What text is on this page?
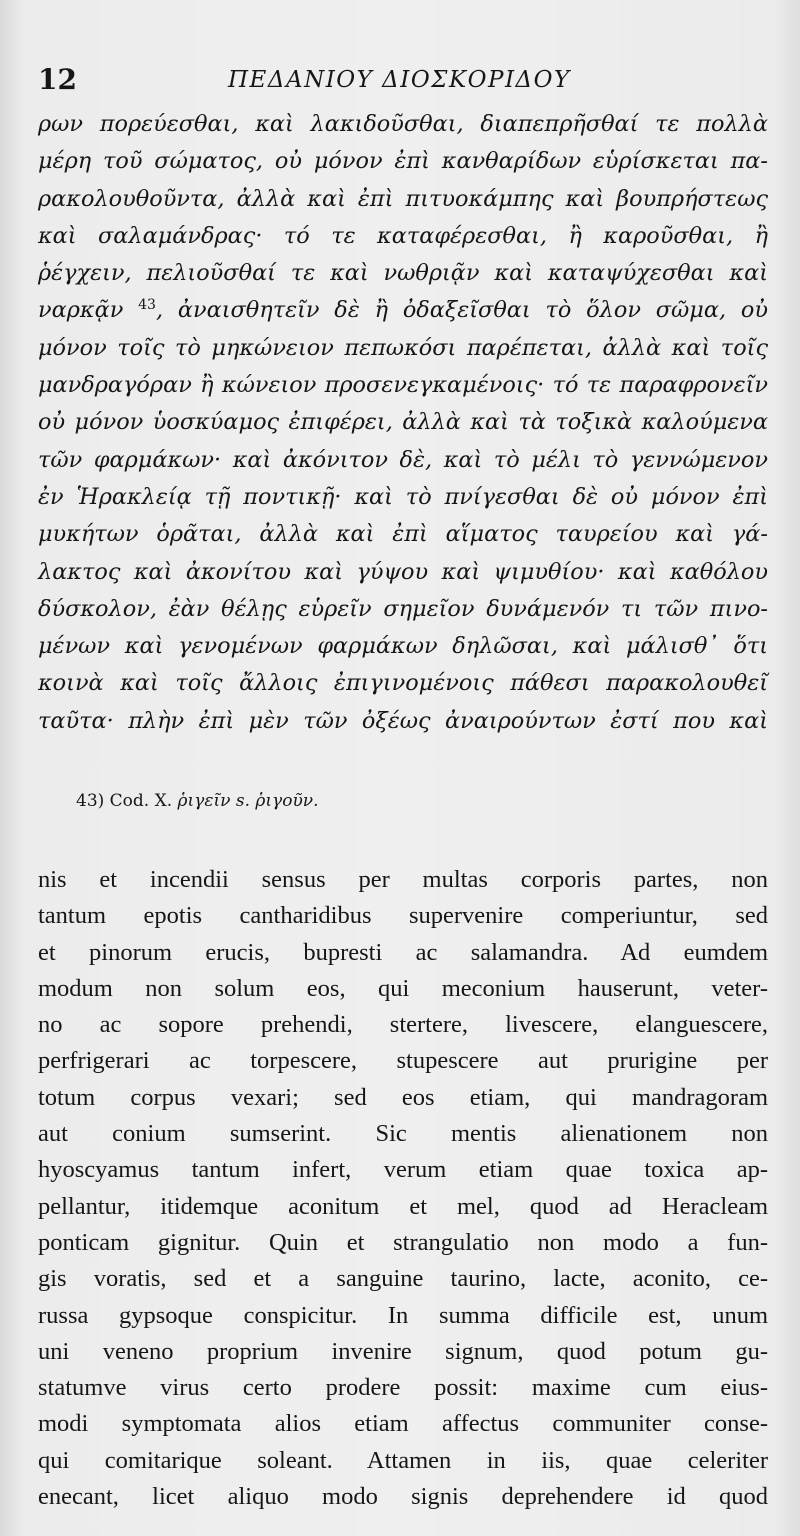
12	ΠΕΔΑΝΙΟΥ ΔΙΟΣΚΟΡΙΔΟΥ
ρων πορεύεσθαι, καὶ λακιδοῦσθαι, διαπεπρῆσθαί τε πολλὰ
μέρη τοῦ σώματος, οὐ μόνον ἐπὶ κανθαρίδων εὑρίσκεται πα-
ρακολουθοῦντα, ἀλλὰ καὶ ἐπὶ πιτυοκάμπης καὶ βουπρήστεως
καὶ σαλαμάνδρας· τό τε καταφέρεσθαι, ἢ καροῦσθαι, ἢ
ῥέγχειν, πελιοῦσθαί τε καὶ νωθριᾷν καὶ καταψύχεσθαι καὶ
ναρκᾷν $^{43}$, ἀναισθητεῖν δὲ ἢ ὀδαξεῖσθαι τὸ ὅλον σῶμα, οὐ
μόνον τοῖς τὸ μηκώνειον πεπωκόσι παρέπεται, ἀλλὰ καὶ τοῖς
μανδραγόραν ἢ κώνειον προσενεγκαμένοις· τό τε παραφρονεῖν
οὐ μόνον ὑοσκύαμος ἐπιφέρει, ἀλλὰ καὶ τὰ τοξικὰ καλούμενα
τῶν φαρμάκων· καὶ ἀκόνιτον δὲ, καὶ τὸ μέλι τὸ γεννώμενον
ἐν Ἡρακλείᾳ τῇ ποντικῇ· καὶ τὸ πνίγεσθαι δὲ οὐ μόνον ἐπὶ
μυκήτων ὁρᾶται, ἀλλὰ καὶ ἐπὶ αἵματος ταυρείου καὶ γά-
λακτος καὶ ἀκονίτου καὶ γύψου καὶ ψιμυθίου· καὶ καθόλου
δύσκολον, ἐὰν θέλῃς εὑρεῖν σημεῖον δυνάμενόν τι τῶν πινο-
μένων καὶ γενομένων φαρμάκων δηλῶσαι, καὶ μάλισθ᾽ ὅτι
κοινὰ καὶ τοῖς ἄλλοις ἐπιγινομένοις πάθεσι παρακολουθεῖ
ταῦτα· πλὴν ἐπὶ μὲν τῶν ὀξέως ἀναιρούντων ἐστί που καὶ
43) Cod. X. ῥιγεῖν s. ῥιγοῦν.
nis et incendii sensus per multas corporis partes, non
tantum epotis cantharidibus supervenire comperiuntur, sed
et pinorum erucis, bupresti ac salamandra. Ad eumdem
modum non solum eos, qui meconium hauserunt, veter-
no ac sopore prehendi, stertere, livescere, elanguescere,
perfrigerari ac torpescere, stupescere aut prurigine per
totum corpus vexari; sed eos etiam, qui mandragoram
aut conium sumserint. Sic mentis alienationem non
hyoscyamus tantum infert, verum etiam quae toxica ap-
pellantur, itidemque aconitum et mel, quod ad Heracleam
ponticam gignitur. Quin et strangulatio non modo a fun-
gis voratis, sed et a sanguine taurino, lacte, aconito, ce-
russa gypsoque conspicitur. In summa difficile est, unum
uni veneno proprium invenire signum, quod potum gu-
statumve virus certo prodere possit: maxime cum eius-
modi symptomata alios etiam affectus communiter conse-
qui comitarique soleant. Attamen in iis, quae celeriter
enecant, licet aliquo modo signis deprehendere id quod
